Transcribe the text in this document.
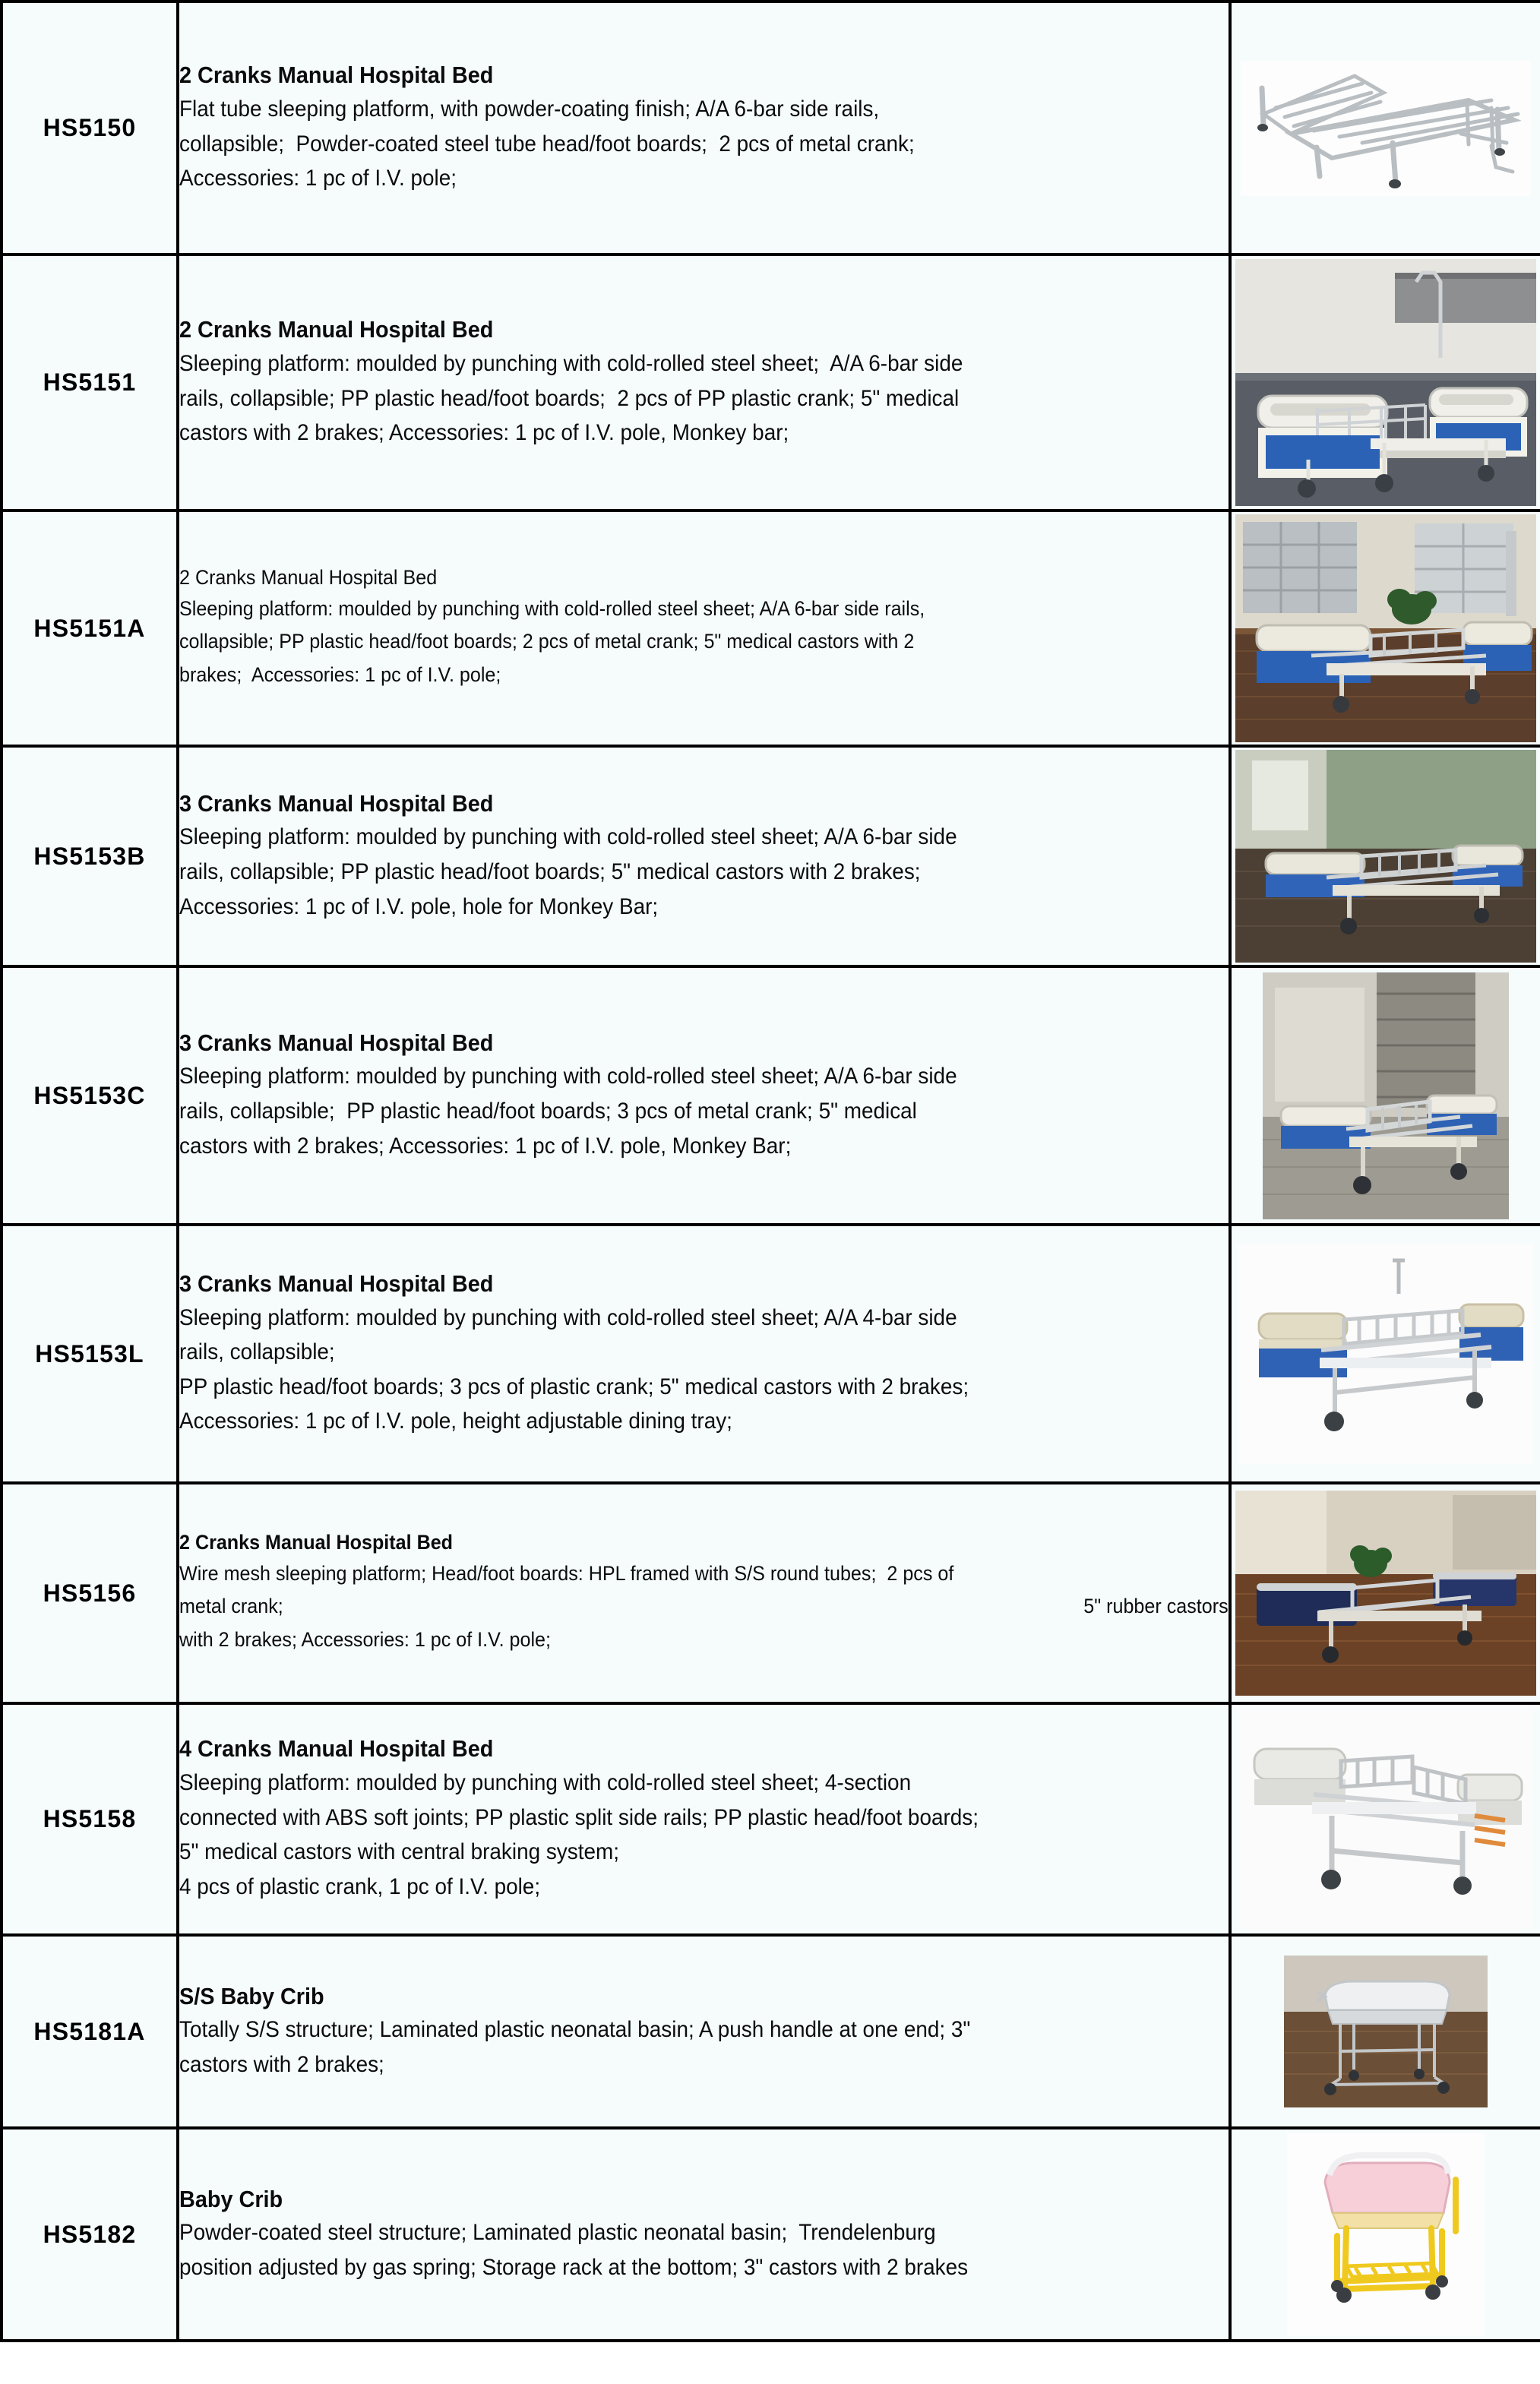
HS5150	2 Cranks Manual Hospital Bed
Flat tube sleeping platform, with powder-coating finish; A/A 6-bar side rails,
collapsible;  Powder-coated steel tube head/foot boards;  2 pcs of metal crank;
Accessories: 1 pc of I.V. pole;

HS5151	2 Cranks Manual Hospital Bed
Sleeping platform: moulded by punching with cold-rolled steel sheet;  A/A 6-bar side
rails, collapsible; PP plastic head/foot boards;  2 pcs of PP plastic crank; 5" medical
castors with 2 brakes; Accessories: 1 pc of I.V. pole, Monkey bar;

HS5151A	2 Cranks Manual Hospital Bed
Sleeping platform: moulded by punching with cold-rolled steel sheet; A/A 6-bar side rails,
collapsible; PP plastic head/foot boards; 2 pcs of metal crank; 5" medical castors with 2
brakes;  Accessories: 1 pc of I.V. pole;

HS5153B	3 Cranks Manual Hospital Bed
Sleeping platform: moulded by punching with cold-rolled steel sheet; A/A 6-bar side
rails, collapsible; PP plastic head/foot boards; 5" medical castors with 2 brakes;
Accessories: 1 pc of I.V. pole, hole for Monkey Bar;

HS5153C	3 Cranks Manual Hospital Bed
Sleeping platform: moulded by punching with cold-rolled steel sheet; A/A 6-bar side
rails, collapsible;  PP plastic head/foot boards; 3 pcs of metal crank; 5" medical
castors with 2 brakes; Accessories: 1 pc of I.V. pole, Monkey Bar;

HS5153L	3 Cranks Manual Hospital Bed
Sleeping platform: moulded by punching with cold-rolled steel sheet; A/A 4-bar side
rails, collapsible;
PP plastic head/foot boards; 3 pcs of plastic crank; 5" medical castors with 2 brakes;
Accessories: 1 pc of I.V. pole, height adjustable dining tray;

HS5156	2 Cranks Manual Hospital Bed
Wire mesh sleeping platform; Head/foot boards: HPL framed with S/S round tubes;  2 pcs of
metal crank; 5" rubber castors
with 2 brakes; Accessories: 1 pc of I.V. pole;

HS5158	4 Cranks Manual Hospital Bed
Sleeping platform: moulded by punching with cold-rolled steel sheet; 4-section
connected with ABS soft joints; PP plastic split side rails; PP plastic head/foot boards;
5" medical castors with central braking system;
4 pcs of plastic crank, 1 pc of I.V. pole;

HS5181A	S/S Baby Crib
Totally S/S structure; Laminated plastic neonatal basin; A push handle at one end; 3"
castors with 2 brakes;

HS5182	Baby Crib
Powder-coated steel structure; Laminated plastic neonatal basin;  Trendelenburg
position adjusted by gas spring; Storage rack at the bottom; 3" castors with 2 brakes
